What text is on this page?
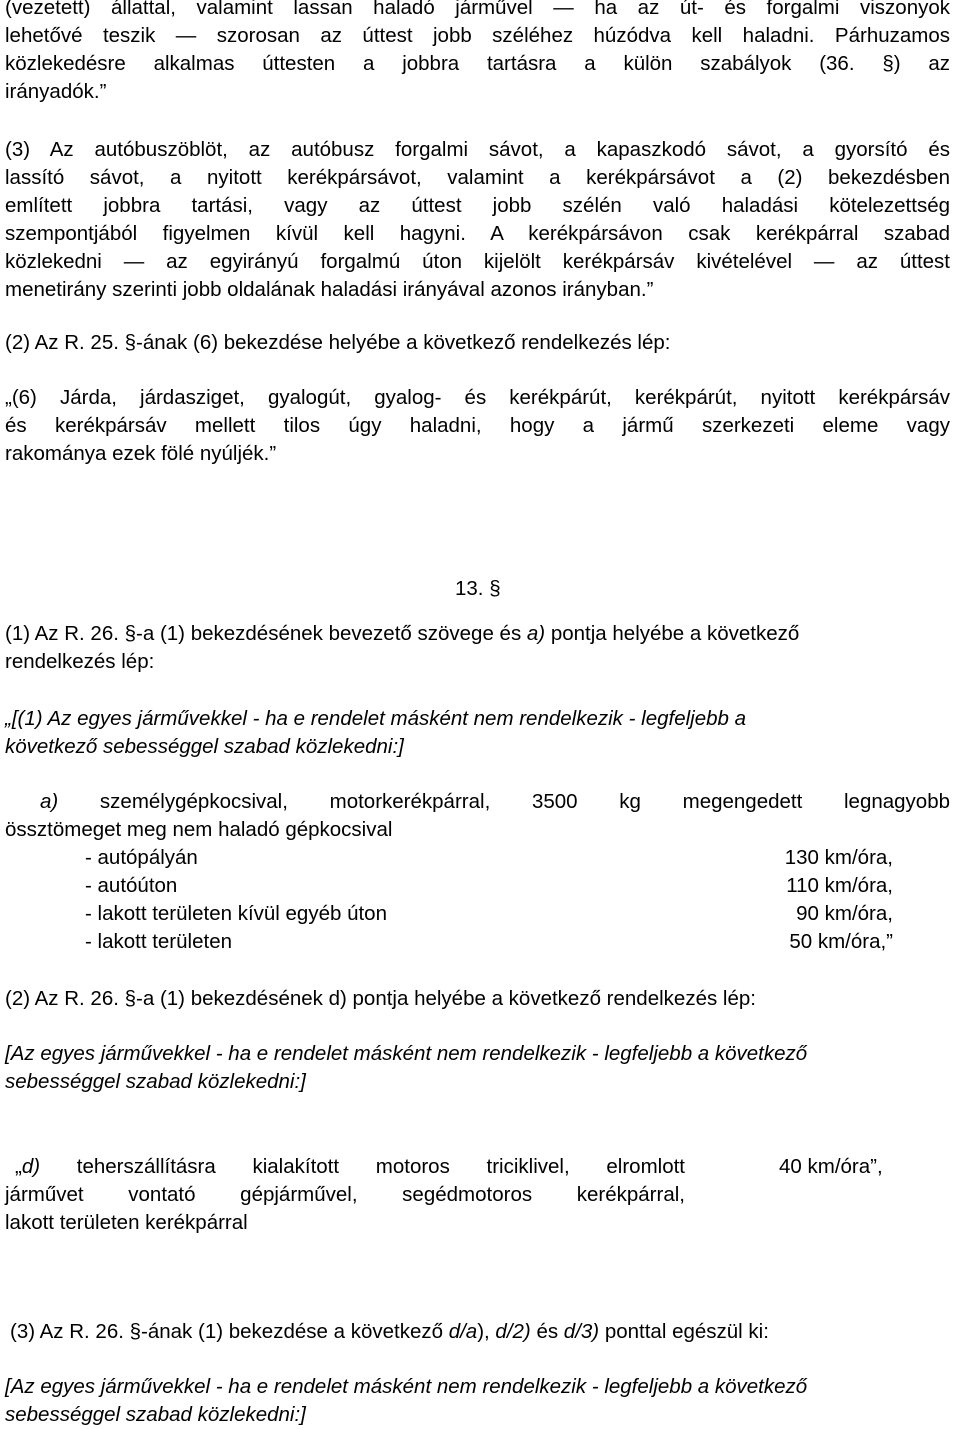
(vezetett) állattal, valamint lassan haladó járművel ― ha az út- és forgalmi viszonyok
lehetővé teszik ― szorosan az úttest jobb széléhez húzódva kell haladni. Párhuzamos
közlekedésre alkalmas úttesten a jobbra tartásra a külön szabályok (36. §) az
irányadók.”
(3) Az autóbuszöblöt, az autóbusz forgalmi sávot, a kapaszkodó sávot, a gyorsító és
lassító sávot, a nyitott kerékpársávot, valamint a kerékpársávot a (2) bekezdésben
említett jobbra tartási, vagy az úttest jobb szélén való haladási kötelezettség
szempontjából figyelmen kívül kell hagyni. A kerékpársávon csak kerékpárral szabad
közlekedni ― az egyirányú forgalmú úton kijelölt kerékpársáv kivételével ― az úttest
menetirány szerinti jobb oldalának haladási irányával azonos irányban.”
(2) Az R. 25. §-ának (6) bekezdése helyébe a következő rendelkezés lép:
„(6) Járda, járdasziget, gyalogút, gyalog- és kerékpárút, kerékpárút, nyitott kerékpársáv
és kerékpársáv mellett tilos úgy haladni, hogy a jármű szerkezeti eleme vagy
rakománya ezek fölé nyúljék.”
13. §
(1) Az R. 26. §-a (1) bekezdésének bevezető szövege és a) pontja helyébe a következő
rendelkezés lép:
„[(1) Az egyes járművekkel - ha e rendelet másként nem rendelkezik - legfeljebb a
következő sebességgel szabad közlekedni:]
a) személygépkocsival, motorkerékpárral, 3500 kg megengedett legnagyobb
össztömeget meg nem haladó gépkocsival
- autópályán	130 km/óra,
- autóúton	110 km/óra,
- lakott területen kívül egyéb úton	90 km/óra,
- lakott területen	50 km/óra,”
(2) Az R. 26. §-a (1) bekezdésének d) pontja helyébe a következő rendelkezés lép:
[Az egyes járművekkel - ha e rendelet másként nem rendelkezik - legfeljebb a következő
sebességgel szabad közlekedni:]
„d) teherszállításra kialakított motoros triciklivel, elromlott
járművet vontató gépjárművel, segédmotoros kerékpárral,
lakott területen kerékpárral
40 km/óra”,
(3) Az R. 26. §-ának (1) bekezdése a következő d/a), d/2) és d/3) ponttal egészül ki:
[Az egyes járművekkel - ha e rendelet másként nem rendelkezik - legfeljebb a következő
sebességgel szabad közlekedni:]
